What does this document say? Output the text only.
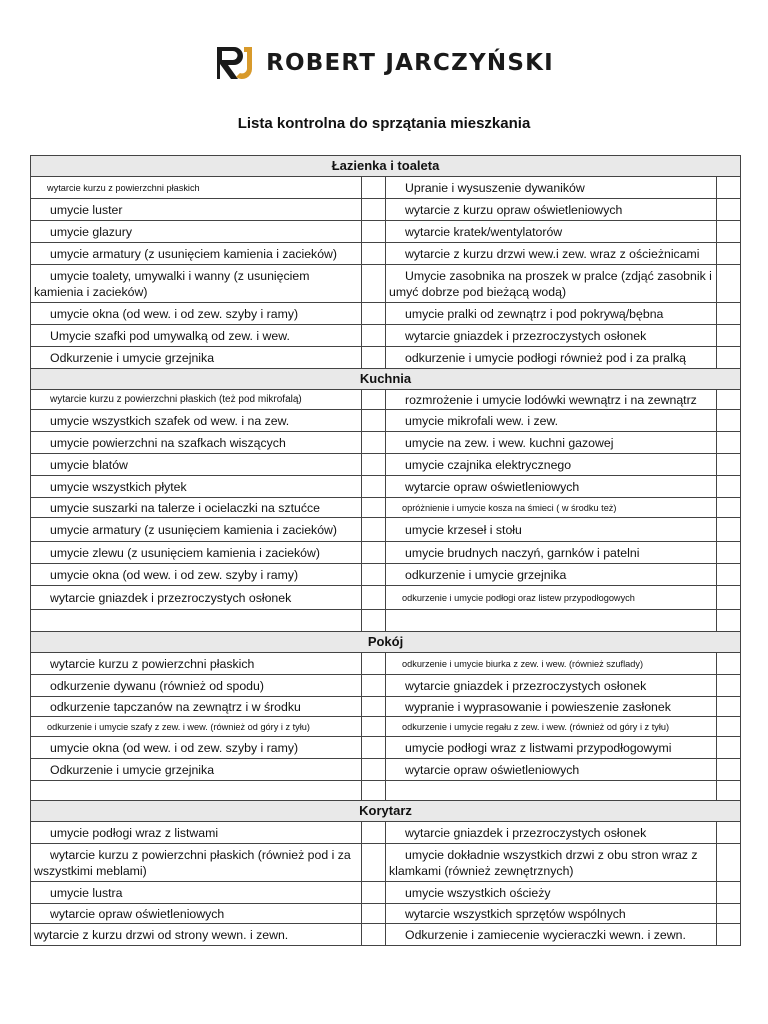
ROBERT JARCZYŃSKI
Lista kontrolna do sprzątania mieszkania
Łazienka i toaleta			
wytarcie kurzu z powierzchni płaskich		Upranie i wysuszenie dywaników	
umycie luster		wytarcie z kurzu opraw oświetleniowych	
umycie glazury		wytarcie kratek/wentylatorów	
umycie armatury (z usunięciem kamienia i zacieków)		wytarcie z kurzu drzwi wew.i zew. wraz z ościeżnicami	
umycie toalety, umywalki i wanny (z usunięciem kamienia i zacieków)		Umycie zasobnika na proszek w pralce (zdjąć zasobnik i umyć dobrze pod bieżącą wodą)	
umycie okna (od wew. i od zew. szyby i ramy)		umycie pralki od zewnątrz i pod pokrywą/bębna	
Umycie szafki pod umywalką od zew. i wew.		wytarcie gniazdek i przezroczystych osłonek	
Odkurzenie i umycie grzejnika		odkurzenie i umycie podłogi również pod i za pralką	
Kuchnia			
wytarcie kurzu z powierzchni płaskich (też pod mikrofalą)		rozmrożenie i umycie lodówki wewnątrz i na zewnątrz	
umycie wszystkich szafek od wew. i na zew.		umycie mikrofali wew. i zew.	
umycie powierzchni na szafkach wiszących		umycie na zew. i wew. kuchni gazowej	
umycie blatów		umycie czajnika elektrycznego	
umycie wszystkich płytek		wytarcie opraw oświetleniowych	
umycie suszarki na talerze i ocielaczki na sztućce		opróżnienie i umycie kosza na śmieci ( w środku też)	
umycie armatury (z usunięciem kamienia i zacieków)		umycie krzeseł i stołu	
umycie zlewu (z usunięciem kamienia i zacieków)		umycie brudnych naczyń, garnków i patelni	
umycie okna (od wew. i od zew. szyby i ramy)		odkurzenie i umycie grzejnika	
wytarcie gniazdek i przezroczystych osłonek		odkurzenie i umycie podłogi oraz listew przypodłogowych	

Pokój			
wytarcie kurzu z powierzchni płaskich		odkurzenie i umycie biurka z zew. i wew. (również szuflady)	
odkurzenie dywanu (również od spodu)		wytarcie gniazdek i przezroczystych osłonek	
odkurzenie tapczanów na zewnątrz i w środku		wypranie i wyprasowanie i powieszenie zasłonek	
odkurzenie i umycie szafy z zew. i wew. (również od góry i z tyłu)		odkurzenie i umycie regału z zew. i wew. (również od góry i z tyłu)	
umycie okna (od wew. i od zew. szyby i ramy)		umycie podłogi wraz z listwami przypodłogowymi	
Odkurzenie i umycie grzejnika		wytarcie opraw oświetleniowych	

Korytarz			
umycie podłogi wraz z listwami		wytarcie gniazdek i przezroczystych osłonek	
wytarcie kurzu z powierzchni płaskich (również pod i za wszystkimi meblami)		umycie dokładnie wszystkich drzwi z obu stron wraz z klamkami (również zewnętrznych)	
umycie lustra		umycie wszystkich ościeży	
wytarcie opraw oświetleniowych		wytarcie wszystkich sprzętów wspólnych	
wytarcie z kurzu drzwi od strony wewn. i zewn.		Odkurzenie i zamiecenie wycieraczki wewn. i zewn.	
